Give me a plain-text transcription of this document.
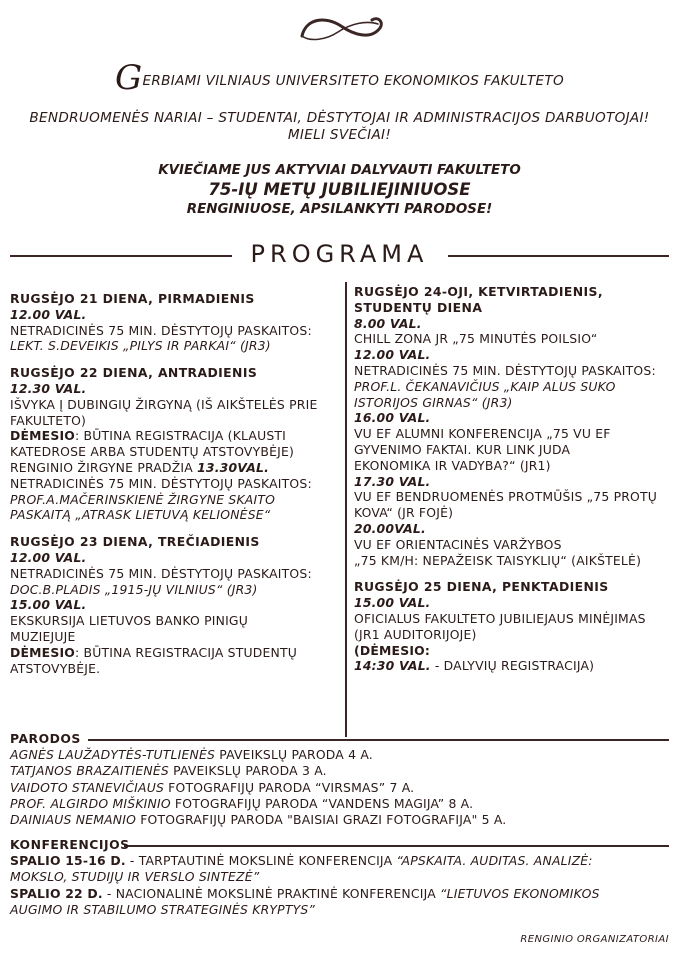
GERBIAMI VILNIAUS UNIVERSITETO EKONOMIKOS FAKULTETO
BENDRUOMENĖS NARIAI – STUDENTAI, DĖSTYTOJAI IR ADMINISTRACIJOS DARBUOTOJAI!
MIELI SVEČIAI!
KVIEČIAME JUS AKTYVIAI DALYVAUTI FAKULTETO
75-IŲ METŲ JUBILIEJINIUOSE
RENGINIUOSE, APSILANKYTI PARODOSE!
PROGRAMA
RUGSĖJO 21 DIENA, PIRMADIENIS
12.00 VAL.
NETRADICINĖS 75 MIN. DĖSTYTOJŲ PASKAITOS:
LEKT. S.DEVEIKIS „PILYS IR PARKAI“ (JR3)
RUGSĖJO 22 DIENA, ANTRADIENIS
12.30 VAL.
IŠVYKA Į DUBINGIŲ ŽIRGYNĄ (IŠ AIKŠTELĖS PRIE
FAKULTETO)
DĖMESIO: BŪTINA REGISTRACIJA (KLAUSTI
KATEDROSE ARBA STUDENTŲ ATSTOVYBĖJE)
RENGINIO ŽIRGYNE PRADŽIA 13.30VAL.
NETRADICINĖS 75 MIN. DĖSTYTOJŲ PASKAITOS:
PROF.A.MAČERINSKIENĖ ŽIRGYNE SKAITO
PASKAITĄ „ATRASK LIETUVĄ KELIONĖSE“
RUGSĖJO 23 DIENA, TREČIADIENIS
12.00 VAL.
NETRADICINĖS 75 MIN. DĖSTYTOJŲ PASKAITOS:
DOC.B.PLADIS „1915-JŲ VILNIUS“ (JR3)
15.00 VAL.
EKSKURSIJA LIETUVOS BANKO PINIGŲ
MUZIEJUJE
DĖMESIO: BŪTINA REGISTRACIJA STUDENTŲ
ATSTOVYBĖJE.
RUGSĖJO 24-OJI, KETVIRTADIENIS,
STUDENTŲ DIENA
8.00 VAL.
CHILL ZONA JR „75 MINUTĖS POILSIO“
12.00 VAL.
NETRADICINĖS 75 MIN. DĖSTYTOJŲ PASKAITOS:
PROF.L. ČEKANAVIČIUS „KAIP ALUS SUKO
ISTORIJOS GIRNAS“ (JR3)
16.00 VAL.
VU EF ALUMNI KONFERENCIJA „75 VU EF
GYVENIMO FAKTAI. KUR LINK JUDA
EKONOMIKA IR VADYBA?“ (JR1)
17.30 VAL.
VU EF BENDRUOMENĖS PROTMŪŠIS „75 PROTŲ
KOVA“ (JR FOJĖ)
20.00VAL.
VU EF ORIENTACINĖS VARŽYBOS
„75 KM/H: NEPAŽEISK TAISYKLIŲ“ (AIKŠTELĖ)
RUGSĖJO 25 DIENA, PENKTADIENIS
15.00 VAL.
OFICIALUS FAKULTETO JUBILIEJAUS MINĖJIMAS
(JR1 AUDITORIJOJE)
(DĖMESIO:
14:30 VAL. - DALYVIŲ REGISTRACIJA)
PARODOS
AGNĖS LAUŽADYTĖS-TUTLIENĖS PAVEIKSLŲ PARODA 4 A.
TATJANOS BRAZAITIENĖS PAVEIKSLŲ PARODA 3 A.
VAIDOTO STANEVIČIAUS FOTOGRAFIJŲ PARODA “VIRSMAS” 7 A.
PROF. ALGIRDO MIŠKINIO FOTOGRAFIJŲ PARODA “VANDENS MAGIJA” 8 A.
DAINIAUS NEMANIO FOTOGRAFIJŲ PARODA "BAISIAI GRAZI FOTOGRAFIJA" 5 A.
KONFERENCIJOS
SPALIO 15-16 D. - TARPTAUTINĖ MOKSLINĖ KONFERENCIJA “APSKAITA. AUDITAS. ANALIZĖ:
MOKSLO, STUDIJŲ IR VERSLO SINTEZĖ”
SPALIO 22 D. - NACIONALINĖ MOKSLINĖ PRAKTINĖ KONFERENCIJA “LIETUVOS EKONOMIKOS
AUGIMO IR STABILUMO STRATEGINĖS KRYPTYS”
RENGINIO ORGANIZATORIAI
